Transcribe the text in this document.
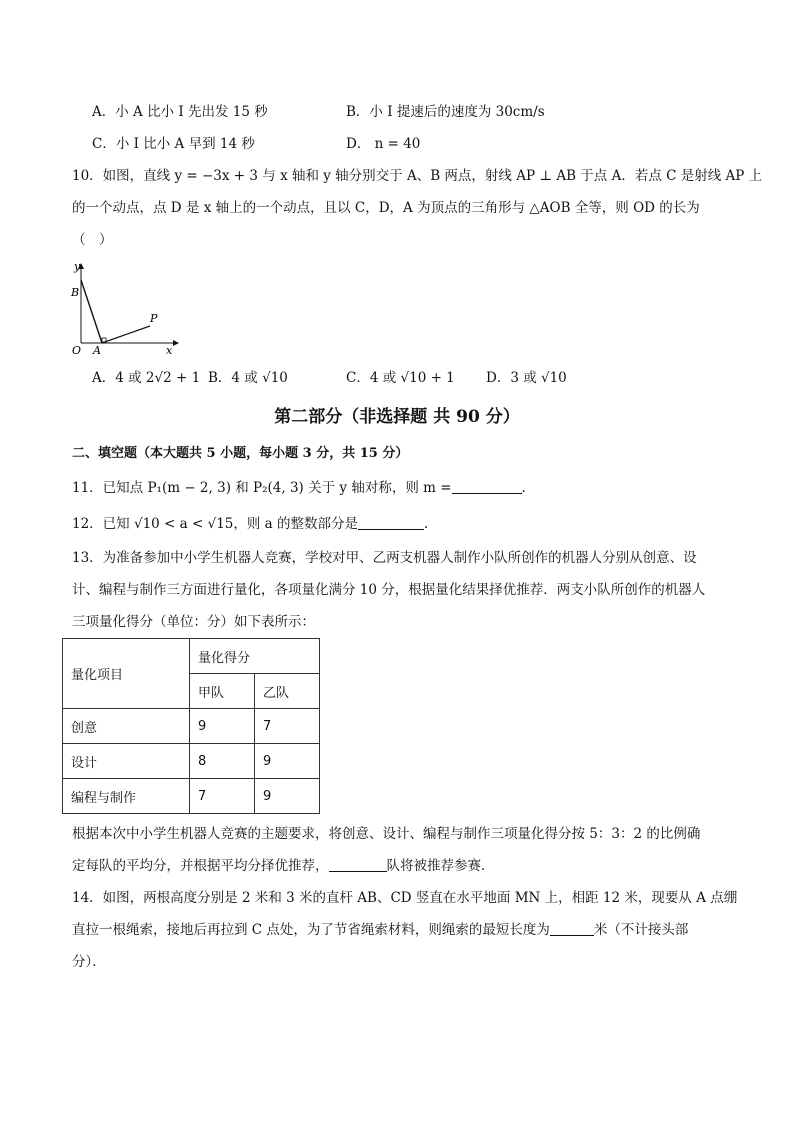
A．小 A 比小 I 先出发 15 秒	B．小 I 提速后的速度为 30cm/s
C．小 I 比小 A 早到 14 秒	D． n = 40
10．如图，直线 y = −3x + 3 与 x 轴和 y 轴分别交于 A、B 两点，射线 AP ⊥ AB 于点 A．若点 C 是射线 AP 上
的一个动点，点 D 是 x 轴上的一个动点，且以 C，D，A 为顶点的三角形与 △AOB 全等，则 OD 的长为
（　）
y
B
P
O A	x
A．4 或 2√2 + 1 B．4 或 √10	C．4 或 √10 + 1 D．3 或 √10
第二部分（非选择题 共 90 分）
二、填空题（本大题共 5 小题，每小题 3 分，共 15 分）
11．已知点 P₁(m − 2, 3) 和 P₂(4, 3) 关于 y 轴对称，则 m =	.
12．已知 √10 < a < √15，则 a 的整数部分是	.
13．为准备参加中小学生机器人竞赛，学校对甲、乙两支机器人制作小队所创作的机器人分别从创意、设
计、编程与制作三方面进行量化，各项量化满分 10 分，根据量化结果择优推荐．两支小队所创作的机器人
三项量化得分（单位：分）如下表所示：
量化项目	量化得分	
	甲队	乙队
创意	9	7
设计	8	9
编程与制作	7	9
根据本次中小学生机器人竞赛的主题要求，将创意、设计、编程与制作三项量化得分按 5：3：2 的比例确
定每队的平均分，并根据平均分择优推荐，	队将被推荐参赛．
14．如图，两根高度分别是 2 米和 3 米的直杆 AB、CD 竖直在水平地面 MN 上，相距 12 米，现要从 A 点绷
直拉一根绳索，接地后再拉到 C 点处，为了节省绳索材料，则绳索的最短长度为	米（不计接头部
分）．
